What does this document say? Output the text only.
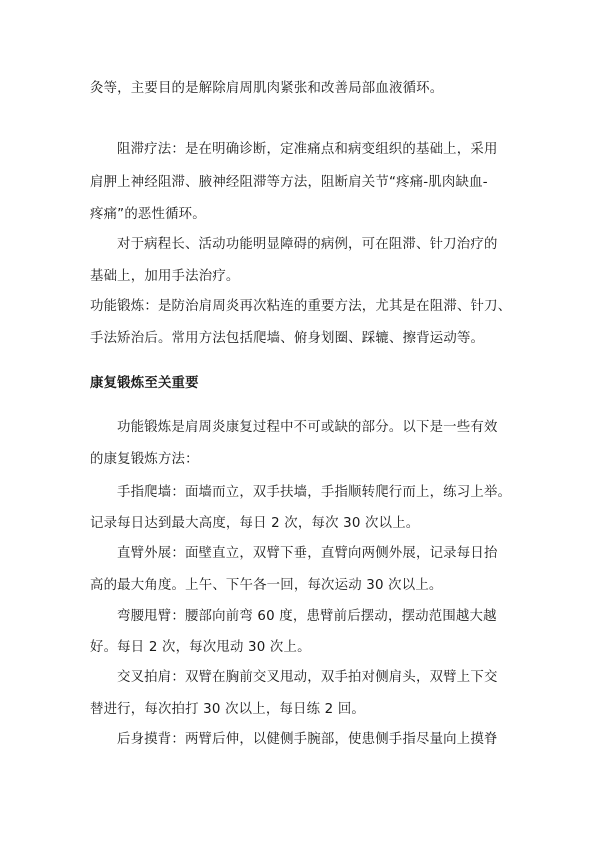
灸等，主要目的是解除肩周肌肉紧张和改善局部血液循环。
阻滞疗法：是在明确诊断，定准痛点和病变组织的基础上，采用
肩胛上神经阻滞、腋神经阻滞等方法，阻断肩关节“疼痛-肌肉缺血-
疼痛”的恶性循环。
对于病程长、活动功能明显障碍的病例，可在阻滞、针刀治疗的
基础上，加用手法治疗。
功能锻炼：是防治肩周炎再次粘连的重要方法，尤其是在阻滞、针刀、
手法矫治后。常用方法包括爬墙、俯身划圈、踩辘、擦背运动等。
康复锻炼至关重要
功能锻炼是肩周炎康复过程中不可或缺的部分。以下是一些有效
的康复锻炼方法：
手指爬墙：面墙而立，双手扶墙，手指顺转爬行而上，练习上举。
记录每日达到最大高度，每日 2 次，每次 30 次以上。
直臂外展：面壁直立，双臂下垂，直臂向两侧外展，记录每日抬
高的最大角度。上午、下午各一回，每次运动 30 次以上。
弯腰甩臂：腰部向前弯 60 度，患臂前后摆动，摆动范围越大越
好。每日 2 次，每次甩动 30 次上。
交叉拍肩：双臂在胸前交叉甩动，双手拍对侧肩头，双臂上下交
替进行，每次拍打 30 次以上，每日练 2 回。
后身摸背：两臂后伸，以健侧手腕部，使患侧手指尽量向上摸脊
